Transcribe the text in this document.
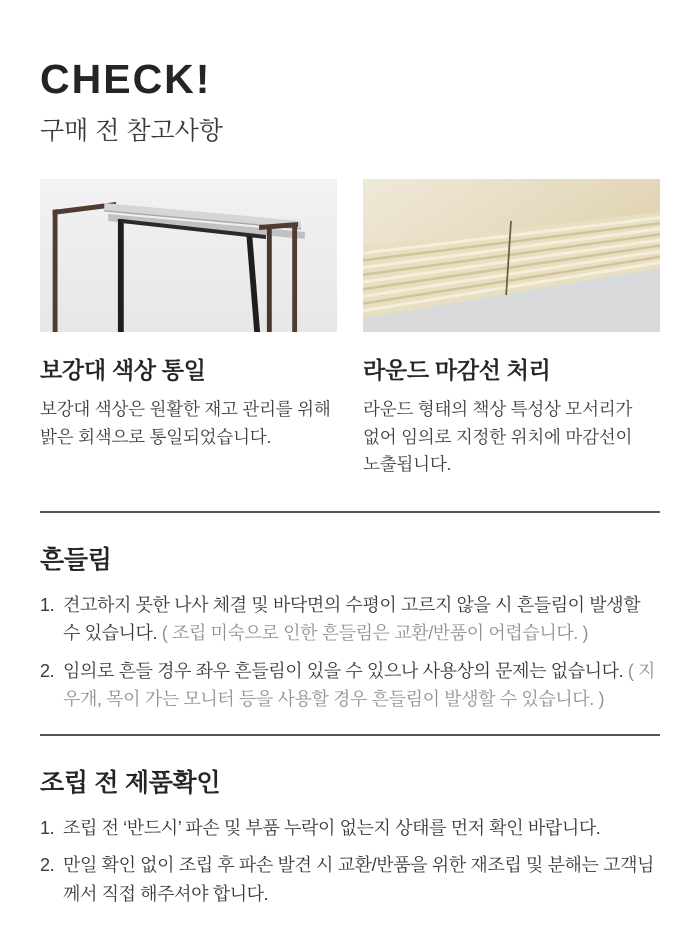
CHECK!
구매 전 참고사항
보강대 색상 통일
보강대 색상은 원활한 재고 관리를 위해 밝은 회색으로 통일되었습니다.
라운드 마감선 처리
라운드 형태의 책상 특성상 모서리가 없어 임의로 지정한 위치에 마감선이 노출됩니다.
흔들림
1. 견고하지 못한 나사 체결 및 바닥면의 수평이 고르지 않을 시 흔들림이 발생할 수 있습니다. ( 조립 미숙으로 인한 흔들림은 교환/반품이 어렵습니다. )
2. 임의로 흔들 경우 좌우 흔들림이 있을 수 있으나 사용상의 문제는 없습니다. ( 지우개, 목이 가는 모니터 등을 사용할 경우 흔들림이 발생할 수 있습니다. )
조립 전 제품확인
1. 조립 전 ‘반드시’ 파손 및 부품 누락이 없는지 상태를 먼저 확인 바랍니다.
2. 만일 확인 없이 조립 후 파손 발견 시 교환/반품을 위한 재조립 및 분해는 고객님께서 직접 해주셔야 합니다.
